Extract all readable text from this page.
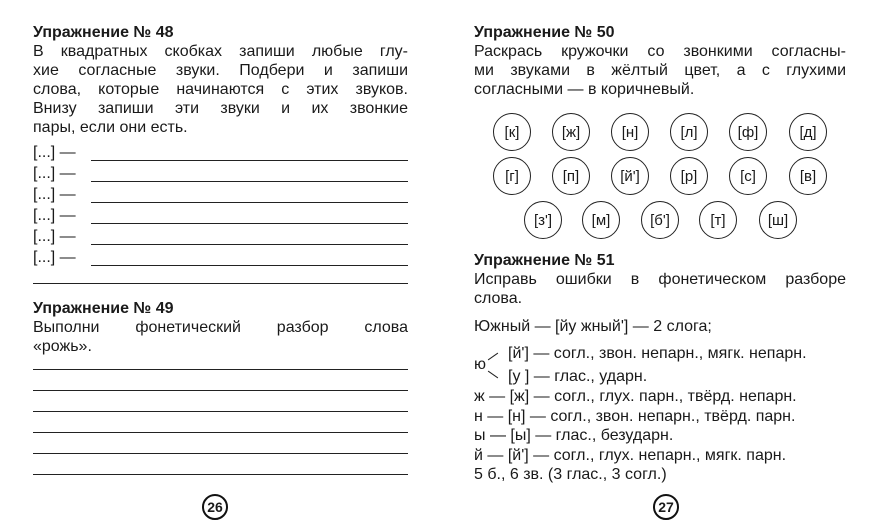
Упражнение № 48
В квадратных скобках запиши любые глу-
хие согласные звуки. Подбери и запиши
слова, которые начинаются с этих звуков.
Внизу запиши эти звуки и их звонкие
пары, если они есть.
[...] —
[...] —
[...] —
[...] —
[...] —
[...] —
Упражнение № 49
Выполни фонетический разбор слова
«рожь».
26
Упражнение № 50
Раскрась кружочки со звонкими согласны-
ми звуками в жёлтый цвет, а с глухими
согласными — в коричневый.
[к]	[ж]	[н]	[л]	[ф]	[д]
[г]	[п]	[й']	[р]	[с]	[в]
[з']	[м]	[б']	[т]	[ш]
Упражнение № 51
Исправь ошибки в фонетическом разборе
слова.
Южный — [йу жный'] — 2 слога;
ю
[й'] — согл., звон. непарн., мягк. непарн.
[у ] — глас., ударн.
ж — [ж] — согл., глух. парн., твёрд. непарн.
н — [н] — согл., звон. непарн., твёрд. парн.
ы — [ы] — глас., безударн.
й — [й'] — согл., глух. непарн., мягк. парн.
5 б., 6 зв. (3 глас., 3 согл.)
27
